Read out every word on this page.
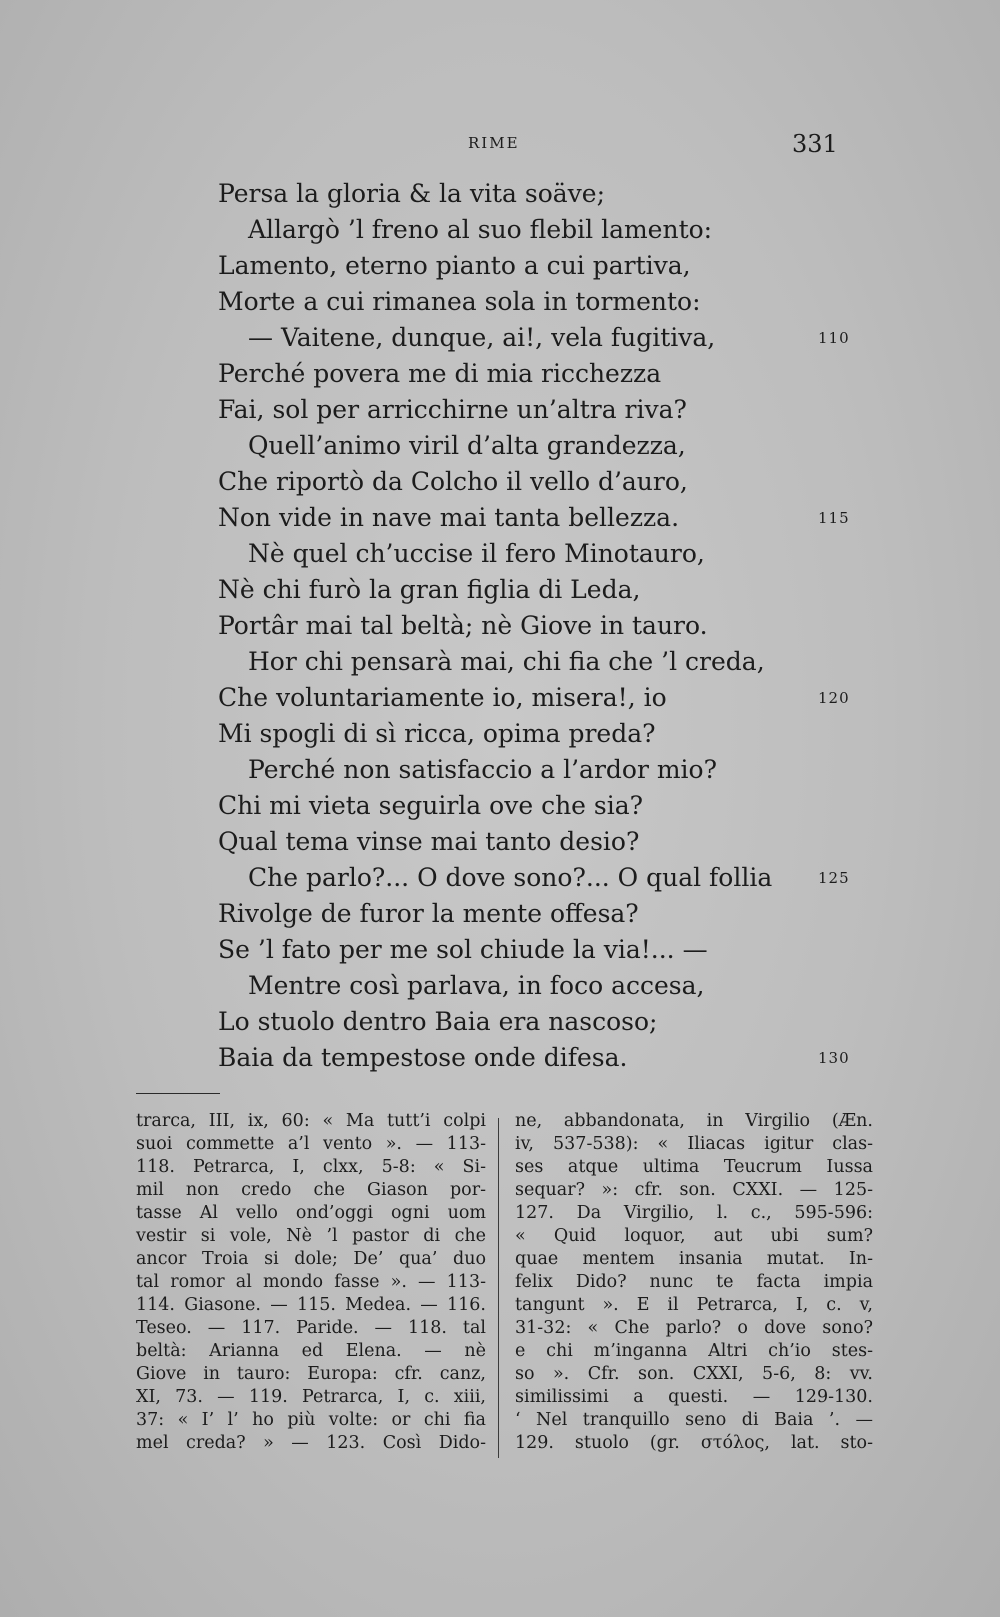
RIME	331
Persa la gloria & la vita soäve;
Allargò ’l freno al suo flebil lamento:
Lamento, eterno pianto a cui partiva,
Morte a cui rimanea sola in tormento:
— Vaitene, dunque, ai!, vela fugitiva,	110
Perché povera me di mia ricchezza
Fai, sol per arricchirne un’altra riva?
Quell’animo viril d’alta grandezza,
Che riportò da Colcho il vello d’auro,
Non vide in nave mai tanta bellezza.	115
Nè quel ch’uccise il fero Minotauro,
Nè chi furò la gran figlia di Leda,
Portâr mai tal beltà; nè Giove in tauro.
Hor chi pensarà mai, chi fia che ’l creda,
Che voluntariamente io, misera!, io	120
Mi spogli di sì ricca, opima preda?
Perché non satisfaccio a l’ardor mio?
Chi mi vieta seguirla ove che sia?
Qual tema vinse mai tanto desio?
Che parlo?... O dove sono?... O qual follia	125
Rivolge de furor la mente offesa?
Se ’l fato per me sol chiude la via!... —
Mentre così parlava, in foco accesa,
Lo stuolo dentro Baia era nascoso;
Baia da tempestose onde difesa.	130
trarca, III, ix, 60: « Ma tutt’i colpi
suoi commette a’l vento ». — 113-
118. Petrarca, I, clxx, 5-8: « Si-
mil non credo che Giason por-
tasse Al vello ond’oggi ogni uom
vestir si vole, Nè ’l pastor di che
ancor Troia si dole; De’ qua’ duo
tal romor al mondo fasse ». — 113-
114. Giasone. — 115. Medea. — 116.
Teseo. — 117. Paride. — 118. tal
beltà: Arianna ed Elena. — nè
Giove in tauro: Europa: cfr. canz,
XI, 73. — 119. Petrarca, I, c. xiii,
37: « I’ l’ ho più volte: or chi fia
mel creda? » — 123. Così Dido-
ne, abbandonata, in Virgilio (Æn.
iv, 537-538): « Iliacas igitur clas-
ses atque ultima Teucrum Iussa
sequar? »: cfr. son. CXXI. — 125-
127. Da Virgilio, l. c., 595-596:
« Quid loquor, aut ubi sum?
quae mentem insania mutat. In-
felix Dido? nunc te facta impia
tangunt ». E il Petrarca, I, c. v,
31-32: « Che parlo? o dove sono?
e chi m’inganna Altri ch’io stes-
so ». Cfr. son. CXXI, 5-6, 8: vv.
similissimi a questi. — 129-130.
‘ Nel tranquillo seno di Baia ’. —
129. stuolo (gr. στόλος, lat. sto-
